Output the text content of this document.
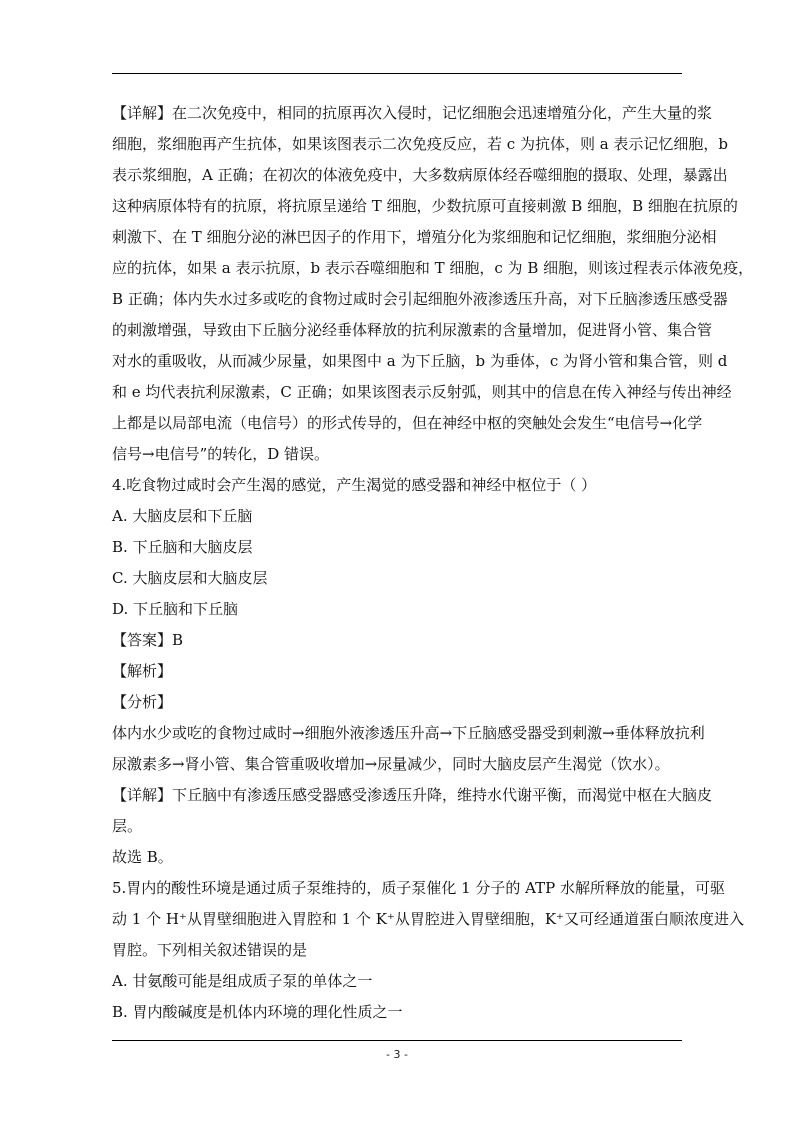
【详解】在二次免疫中，相同的抗原再次入侵时，记忆细胞会迅速增殖分化，产生大量的浆
细胞，浆细胞再产生抗体，如果该图表示二次免疫反应，若 c 为抗体，则 a 表示记忆细胞，b
表示浆细胞，A 正确；在初次的体液免疫中，大多数病原体经吞噬细胞的摄取、处理，暴露出
这种病原体特有的抗原，将抗原呈递给 T 细胞，少数抗原可直接刺激 B 细胞，B 细胞在抗原的
刺激下、在 T 细胞分泌的淋巴因子的作用下，增殖分化为浆细胞和记忆细胞，浆细胞分泌相
应的抗体，如果 a 表示抗原，b 表示吞噬细胞和 T 细胞，c 为 B 细胞，则该过程表示体液免疫，
B 正确；体内失水过多或吃的食物过咸时会引起细胞外液渗透压升高，对下丘脑渗透压感受器
的刺激增强，导致由下丘脑分泌经垂体释放的抗利尿激素的含量增加，促进肾小管、集合管
对水的重吸收，从而减少尿量，如果图中 a 为下丘脑，b 为垂体，c 为肾小管和集合管，则 d
和 e 均代表抗利尿激素，C 正确；如果该图表示反射弧，则其中的信息在传入神经与传出神经
上都是以局部电流（电信号）的形式传导的，但在神经中枢的突触处会发生“电信号→化学
信号→电信号”的转化，D 错误。
4.吃食物过咸时会产生渴的感觉，产生渴觉的感受器和神经中枢位于（ ）
A. 大脑皮层和下丘脑
B. 下丘脑和大脑皮层
C. 大脑皮层和大脑皮层
D. 下丘脑和下丘脑
【答案】B
【解析】
【分析】
体内水少或吃的食物过咸时→细胞外液渗透压升高→下丘脑感受器受到刺激→垂体释放抗利
尿激素多→肾小管、集合管重吸收增加→尿量减少，同时大脑皮层产生渴觉（饮水）。
【详解】下丘脑中有渗透压感受器感受渗透压升降，维持水代谢平衡，而渴觉中枢在大脑皮
层。
故选 B。
5.胃内的酸性环境是通过质子泵维持的，质子泵催化 1 分子的 ATP 水解所释放的能量，可驱
动 1 个 H⁺从胃壁细胞进入胃腔和 1 个 K⁺从胃腔进入胃壁细胞，K⁺又可经通道蛋白顺浓度进入
胃腔。下列相关叙述错误的是
A. 甘氨酸可能是组成质子泵的单体之一
B. 胃内酸碱度是机体内环境的理化性质之一
- 3 -
